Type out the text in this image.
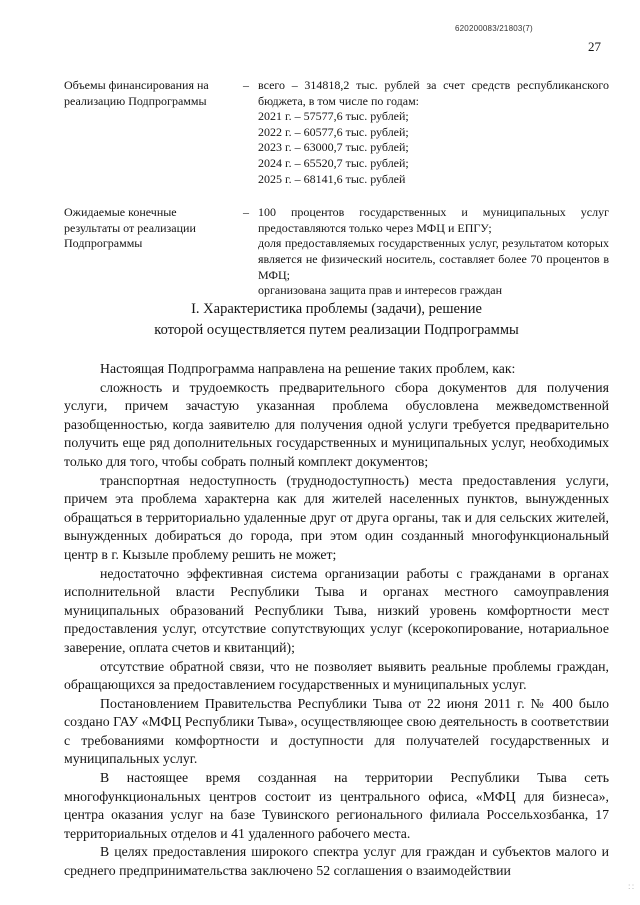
620200083/21803(7)
27
Объемы финансирования на реализацию Подпрограммы
– всего – 314818,2 тыс. рублей за счет средств республиканского бюджета, в том числе по годам:
2021 г. – 57577,6 тыс. рублей;
2022 г. – 60577,6 тыс. рублей;
2023 г. – 63000,7 тыс. рублей;
2024 г. – 65520,7 тыс. рублей;
2025 г. – 68141,6 тыс. рублей
Ожидаемые конечные результаты от реализации Подпрограммы
– 100 процентов государственных и муниципальных услуг предоставляются только через МФЦ и ЕПГУ;
доля предоставляемых государственных услуг, результатом которых является не физический носитель, составляет более 70 процентов в МФЦ;
организована защита прав и интересов граждан
I. Характеристика проблемы (задачи), решение
которой осуществляется путем реализации Подпрограммы

Настоящая Подпрограмма направлена на решение таких проблем, как:

сложность и трудоемкость предварительного сбора документов для получения услуги, причем зачастую указанная проблема обусловлена межведомственной разобщенностью, когда заявителю для получения одной услуги требуется предварительно получить еще ряд дополнительных государственных и муниципальных услуг, необходимых только для того, чтобы собрать полный комплект документов;

транспортная недоступность (труднодоступность) места предоставления услуги, причем эта проблема характерна как для жителей населенных пунктов, вынужденных обращаться в территориально удаленные друг от друга органы, так и для сельских жителей, вынужденных добираться до города, при этом один созданный многофункциональный центр в г. Кызыле проблему решить не может;

недостаточно эффективная система организации работы с гражданами в органах исполнительной власти Республики Тыва и органах местного самоуправления муниципальных образований Республики Тыва, низкий уровень комфортности мест предоставления услуг, отсутствие сопутствующих услуг (ксерокопирование, нотариальное заверение, оплата счетов и квитанций);

отсутствие обратной связи, что не позволяет выявить реальные проблемы граждан, обращающихся за предоставлением государственных и муниципальных услуг.

Постановлением Правительства Республики Тыва от 22 июня 2011 г. № 400 было создано ГАУ «МФЦ Республики Тыва», осуществляющее свою деятельность в соответствии с требованиями комфортности и доступности для получателей государственных и муниципальных услуг.

В настоящее время созданная на территории Республики Тыва сеть многофункциональных центров состоит из центрального офиса, «МФЦ для бизнеса», центра оказания услуг на базе Тувинского регионального филиала Россельхозбанка, 17 территориальных отделов и 41 удаленного рабочего места.

В целях предоставления широкого спектра услуг для граждан и субъектов малого и среднего предпринимательства заключено 52 соглашения о взаимодействии

∷
